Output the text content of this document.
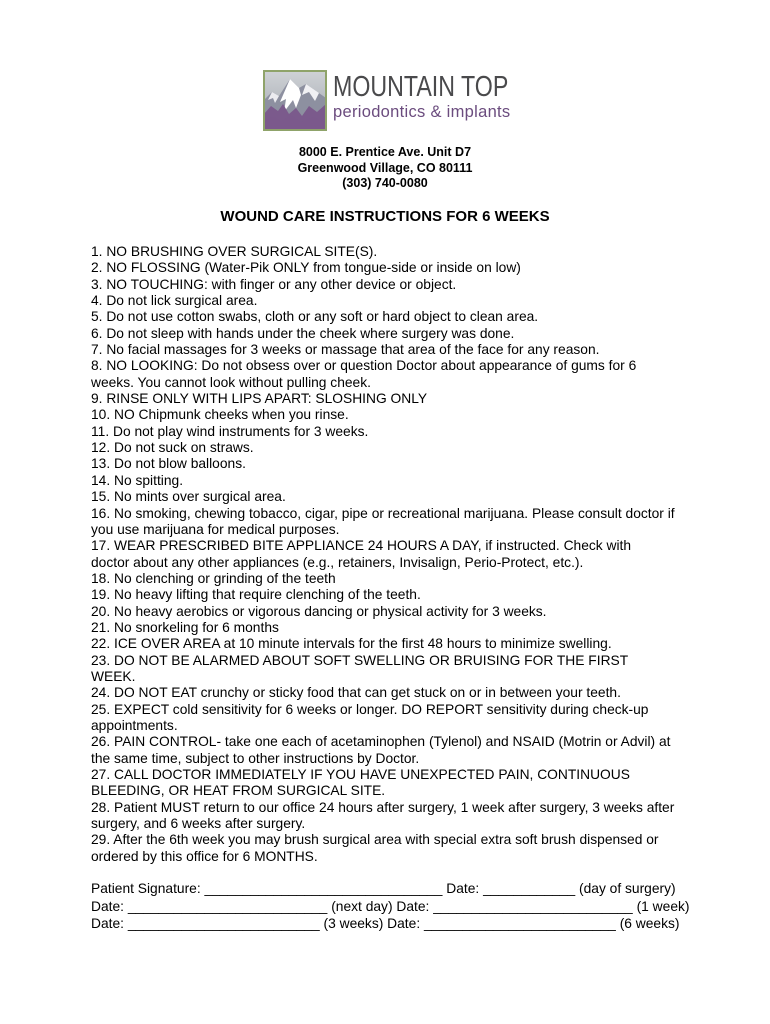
MOUNTAIN TOP
periodontics & implants
8000 E. Prentice Ave. Unit D7
Greenwood Village, CO 80111
(303) 740-0080
WOUND CARE INSTRUCTIONS FOR 6 WEEKS
1. NO BRUSHING OVER SURGICAL SITE(S).
2. NO FLOSSING (Water-Pik ONLY from tongue-side or inside on low)
3. NO TOUCHING: with finger or any other device or object.
4. Do not lick surgical area.
5. Do not use cotton swabs, cloth or any soft or hard object to clean area.
6. Do not sleep with hands under the cheek where surgery was done.
7. No facial massages for 3 weeks or massage that area of the face for any reason.
8. NO LOOKING: Do not obsess over or question Doctor about appearance of gums for 6
weeks. You cannot look without pulling cheek.
9. RINSE ONLY WITH LIPS APART: SLOSHING ONLY
10. NO Chipmunk cheeks when you rinse.
11. Do not play wind instruments for 3 weeks.
12. Do not suck on straws.
13. Do not blow balloons.
14. No spitting.
15. No mints over surgical area.
16. No smoking, chewing tobacco, cigar, pipe or recreational marijuana. Please consult doctor if
you use marijuana for medical purposes.
17. WEAR PRESCRIBED BITE APPLIANCE 24 HOURS A DAY, if instructed. Check with
doctor about any other appliances (e.g., retainers, Invisalign, Perio-Protect, etc.).
18. No clenching or grinding of the teeth
19. No heavy lifting that require clenching of the teeth.
20. No heavy aerobics or vigorous dancing or physical activity for 3 weeks.
21. No snorkeling for 6 months
22. ICE OVER AREA at 10 minute intervals for the first 48 hours to minimize swelling.
23. DO NOT BE ALARMED ABOUT SOFT SWELLING OR BRUISING FOR THE FIRST
WEEK.
24. DO NOT EAT crunchy or sticky food that can get stuck on or in between your teeth.
25. EXPECT cold sensitivity for 6 weeks or longer. DO REPORT sensitivity during check-up
appointments.
26. PAIN CONTROL- take one each of acetaminophen (Tylenol) and NSAID (Motrin or Advil) at
the same time, subject to other instructions by Doctor.
27. CALL DOCTOR IMMEDIATELY IF YOU HAVE UNEXPECTED PAIN, CONTINUOUS
BLEEDING, OR HEAT FROM SURGICAL SITE.
28. Patient MUST return to our office 24 hours after surgery, 1 week after surgery, 3 weeks after
surgery, and 6 weeks after surgery.
29. After the 6th week you may brush surgical area with special extra soft brush dispensed or
ordered by this office for 6 MONTHS.
Patient Signature: _______________________________ Date: ____________ (day of surgery)
Date: __________________________ (next day) Date: __________________________ (1 week)
Date: _________________________ (3 weeks) Date: _________________________ (6 weeks)
